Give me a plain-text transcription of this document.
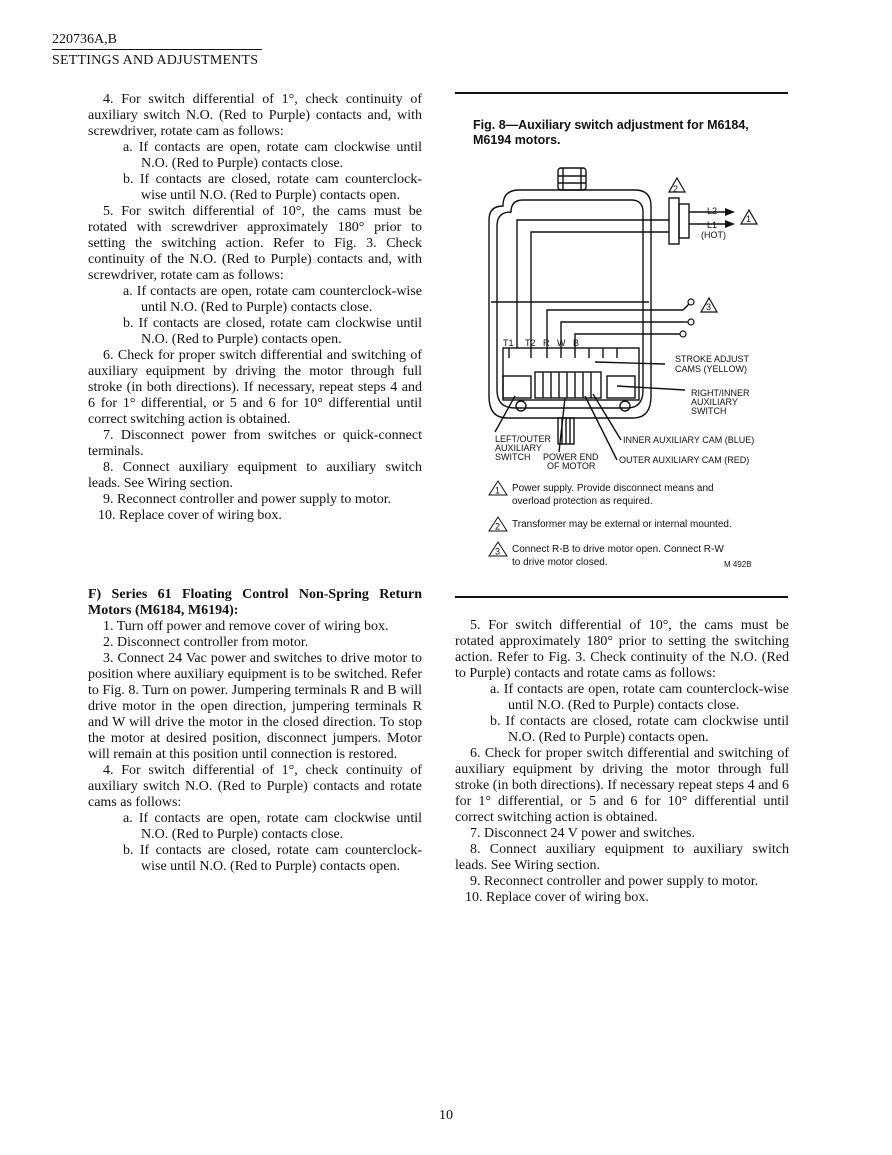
220736A,B
SETTINGS AND ADJUSTMENTS

4. For switch differential of 1°, check continuity of auxiliary switch N.O. (Red to Purple) contacts and, with screwdriver, rotate cam as follows:

a. If contacts are open, rotate cam clockwise until N.O. (Red to Purple) contacts close.

b. If contacts are closed, rotate cam counterclock-wise until N.O. (Red to Purple) contacts open.

5. For switch differential of 10°, the cams must be rotated with screwdriver approximately 180° prior to setting the switching action. Refer to Fig. 3. Check continuity of the N.O. (Red to Purple) contacts and, with screwdriver, rotate cam as follows:

a. If contacts are open, rotate cam counterclock-wise until N.O. (Red to Purple) contacts close.

b. If contacts are closed, rotate cam clockwise until N.O. (Red to Purple) contacts open.

6. Check for proper switch differential and switching of auxiliary equipment by driving the motor through full stroke (in both directions). If necessary, repeat steps 4 and 6 for 1° differential, or 5 and 6 for 10° differential until correct switching action is obtained.

7. Disconnect power from switches or quick-connect terminals.

8. Connect auxiliary equipment to auxiliary switch leads. See Wiring section.

9. Reconnect controller and power supply to motor.

10. Replace cover of wiring box.

F) Series 61 Floating Control Non-Spring Return Motors (M6184, M6194):

1. Turn off power and remove cover of wiring box.

2. Disconnect controller from motor.

3. Connect 24 Vac power and switches to drive motor to position where auxiliary equipment is to be switched. Refer to Fig. 8. Turn on power. Jumpering terminals R and B will drive motor in the open direction, jumpering terminals R and W will drive the motor in the closed direction. To stop the motor at desired position, disconnect jumpers. Motor will remain at this position until connection is restored.

4. For switch differential of 1°, check continuity of auxiliary switch N.O. (Red to Purple) contacts and rotate cams as follows:

a. If contacts are open, rotate cam clockwise until N.O. (Red to Purple) contacts close.

b. If contacts are closed, rotate cam counterclock-wise until N.O. (Red to Purple) contacts open.

Fig. 8—Auxiliary switch adjustment for M6184, M6194 motors.
2
1
3
L2
L1
(HOT)
T1 T2 R W B
STROKE ADJUST
CAMS (YELLOW)
RIGHT/INNER
AUXILIARY
SWITCH
LEFT/OUTER
AUXILIARY
SWITCH POWER END
OF MOTOR
INNER AUXILIARY CAM (BLUE)
OUTER AUXILIARY CAM (RED)
1 Power supply. Provide disconnect means and
overload protection as required.
2 Transformer may be external or internal mounted.
3 Connect R-B to drive motor open. Connect R-W
to drive motor closed.	M 492B

5. For switch differential of 10°, the cams must be rotated approximately 180° prior to setting the switching action. Refer to Fig. 3. Check continuity of the N.O. (Red to Purple) contacts and rotate cams as follows:

a. If contacts are open, rotate cam counterclock-wise until N.O. (Red to Purple) contacts close.

b. If contacts are closed, rotate cam clockwise until N.O. (Red to Purple) contacts open.

6. Check for proper switch differential and switching of auxiliary equipment by driving the motor through full stroke (in both directions). If necessary repeat steps 4 and 6 for 1° differential, or 5 and 6 for 10° differential until correct switching action is obtained.

7. Disconnect 24 V power and switches.

8. Connect auxiliary equipment to auxiliary switch leads. See Wiring section.

9. Reconnect controller and power supply to motor.

10. Replace cover of wiring box.

10
